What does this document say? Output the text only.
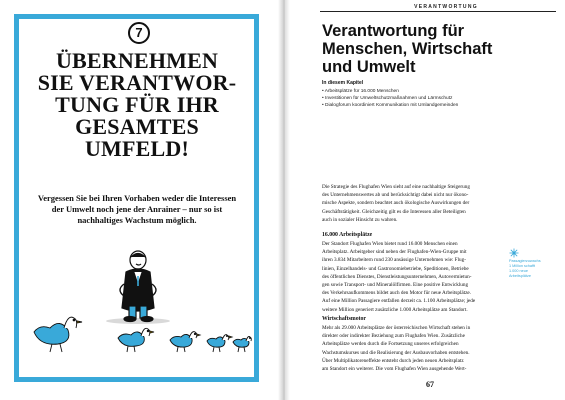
7
ÜBERNEHMEN
SIE VERANTWOR-
TUNG FÜR IHR
GESAMTES
UMFELD!

Vergessen Sie bei Ihren Vorhaben weder die Interessen
der Umwelt noch jene der Anrainer – nur so ist
nachhaltiges Wachstum möglich.

VERANTWORTUNG
Verantwortung für
Menschen, Wirtschaft
und Umwelt
In diesem Kapitel
• Arbeitsplätze für 16.000 Menschen
• Investitionen für Umweltschutzmaßnahmen und Lärmschutz
• Dialogforum koordiniert Kommunikation mit Umlandgemeinden

Die Strategie des Flughafen Wien sieht auf eine nachhaltige Steigerung
des Unternehmenswertes ab und berücksichtigt dabei nicht nur ökono-
mische Aspekte, sondern beachtet auch ökologische Auswirkungen der
Geschäftstätigkeit. Gleichzeitig gilt es die Interessen aller Beteiligten
auch in sozialer Hinsicht zu wahren.

16.000 Arbeitsplätze

Der Standort Flughafen Wien bietet rund 16.000 Menschen einen
Arbeitsplatz. Arbeitgeber sind neben der Flughafen-Wien-Gruppe mit
ihren 3.834 Mitarbeitern rund 230 ansässige Unternehmen wie: Flug-
linien, Einzelhandels- und Gastronomiebetriebe, Speditionen, Betriebe
des öffentlichen Dienstes, Dienstleistungsunternehmen, Autovermietun-
gen sowie Transport- und Mineralölfirmen. Eine positive Entwicklung
des Verkehrsaufkommens bildet auch den Motor für neue Arbeitsplätze.
Auf eine Million Passagiere entfallen derzeit ca. 1.100 Arbeitsplätze; jede
weitere Million generiert zusätzliche 1.000 Arbeitsplätze am Standort.

Wirtschaftsmotor

Mehr als 29.000 Arbeitsplätze der österreichischen Wirtschaft stehen in
direkter oder indirekter Beziehung zum Flughafen Wien. Zusätzliche
Arbeitsplätze werden durch die Fortsetzung unseres erfolgreichen
Wachstumskurses und die Realisierung der Ausbauvorhaben entstehen.
Über Multiplikatoreneffekte entsteht durch jeden neuen Arbeitsplatz
am Standort ein weiterer. Die vom Flughafen Wien ausgehende Wert-

Passagierzuwachs
1 Million schafft
1.000 neue
Arbeitsplätze
67
